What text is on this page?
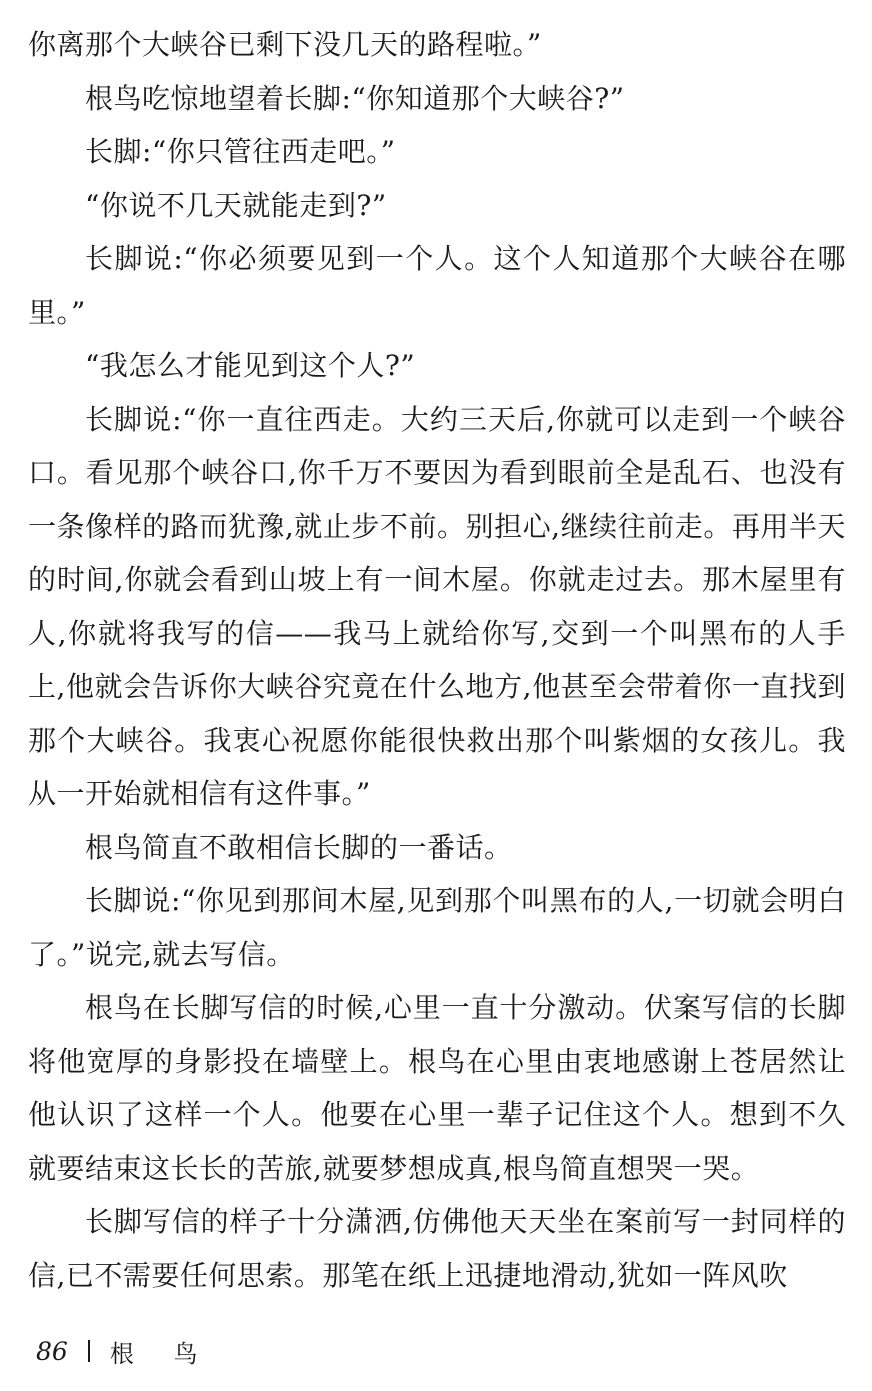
你离那个大峡谷已剩下没几天的路程啦。”

根鸟吃惊地望着长脚:“你知道那个大峡谷?”

长脚:“你只管往西走吧。”

“你说不几天就能走到?”

长脚说:“你必须要见到一个人。这个人知道那个大峡谷在哪里。”

“我怎么才能见到这个人?”

长脚说:“你一直往西走。大约三天后,你就可以走到一个峡谷口。看见那个峡谷口,你千万不要因为看到眼前全是乱石、也没有一条像样的路而犹豫,就止步不前。别担心,继续往前走。再用半天的时间,你就会看到山坡上有一间木屋。你就走过去。那木屋里有人,你就将我写的信——我马上就给你写,交到一个叫黑布的人手上,他就会告诉你大峡谷究竟在什么地方,他甚至会带着你一直找到那个大峡谷。我衷心祝愿你能很快救出那个叫紫烟的女孩儿。我从一开始就相信有这件事。”

根鸟简直不敢相信长脚的一番话。

长脚说:“你见到那间木屋,见到那个叫黑布的人,一切就会明白了。”说完,就去写信。

根鸟在长脚写信的时候,心里一直十分激动。伏案写信的长脚将他宽厚的身影投在墙壁上。根鸟在心里由衷地感谢上苍居然让他认识了这样一个人。他要在心里一辈子记住这个人。想到不久就要结束这长长的苦旅,就要梦想成真,根鸟简直想哭一哭。

长脚写信的样子十分潇洒,仿佛他天天坐在案前写一封同样的信,已不需要任何思索。那笔在纸上迅捷地滑动,犹如一阵风吹

86 根 鸟
